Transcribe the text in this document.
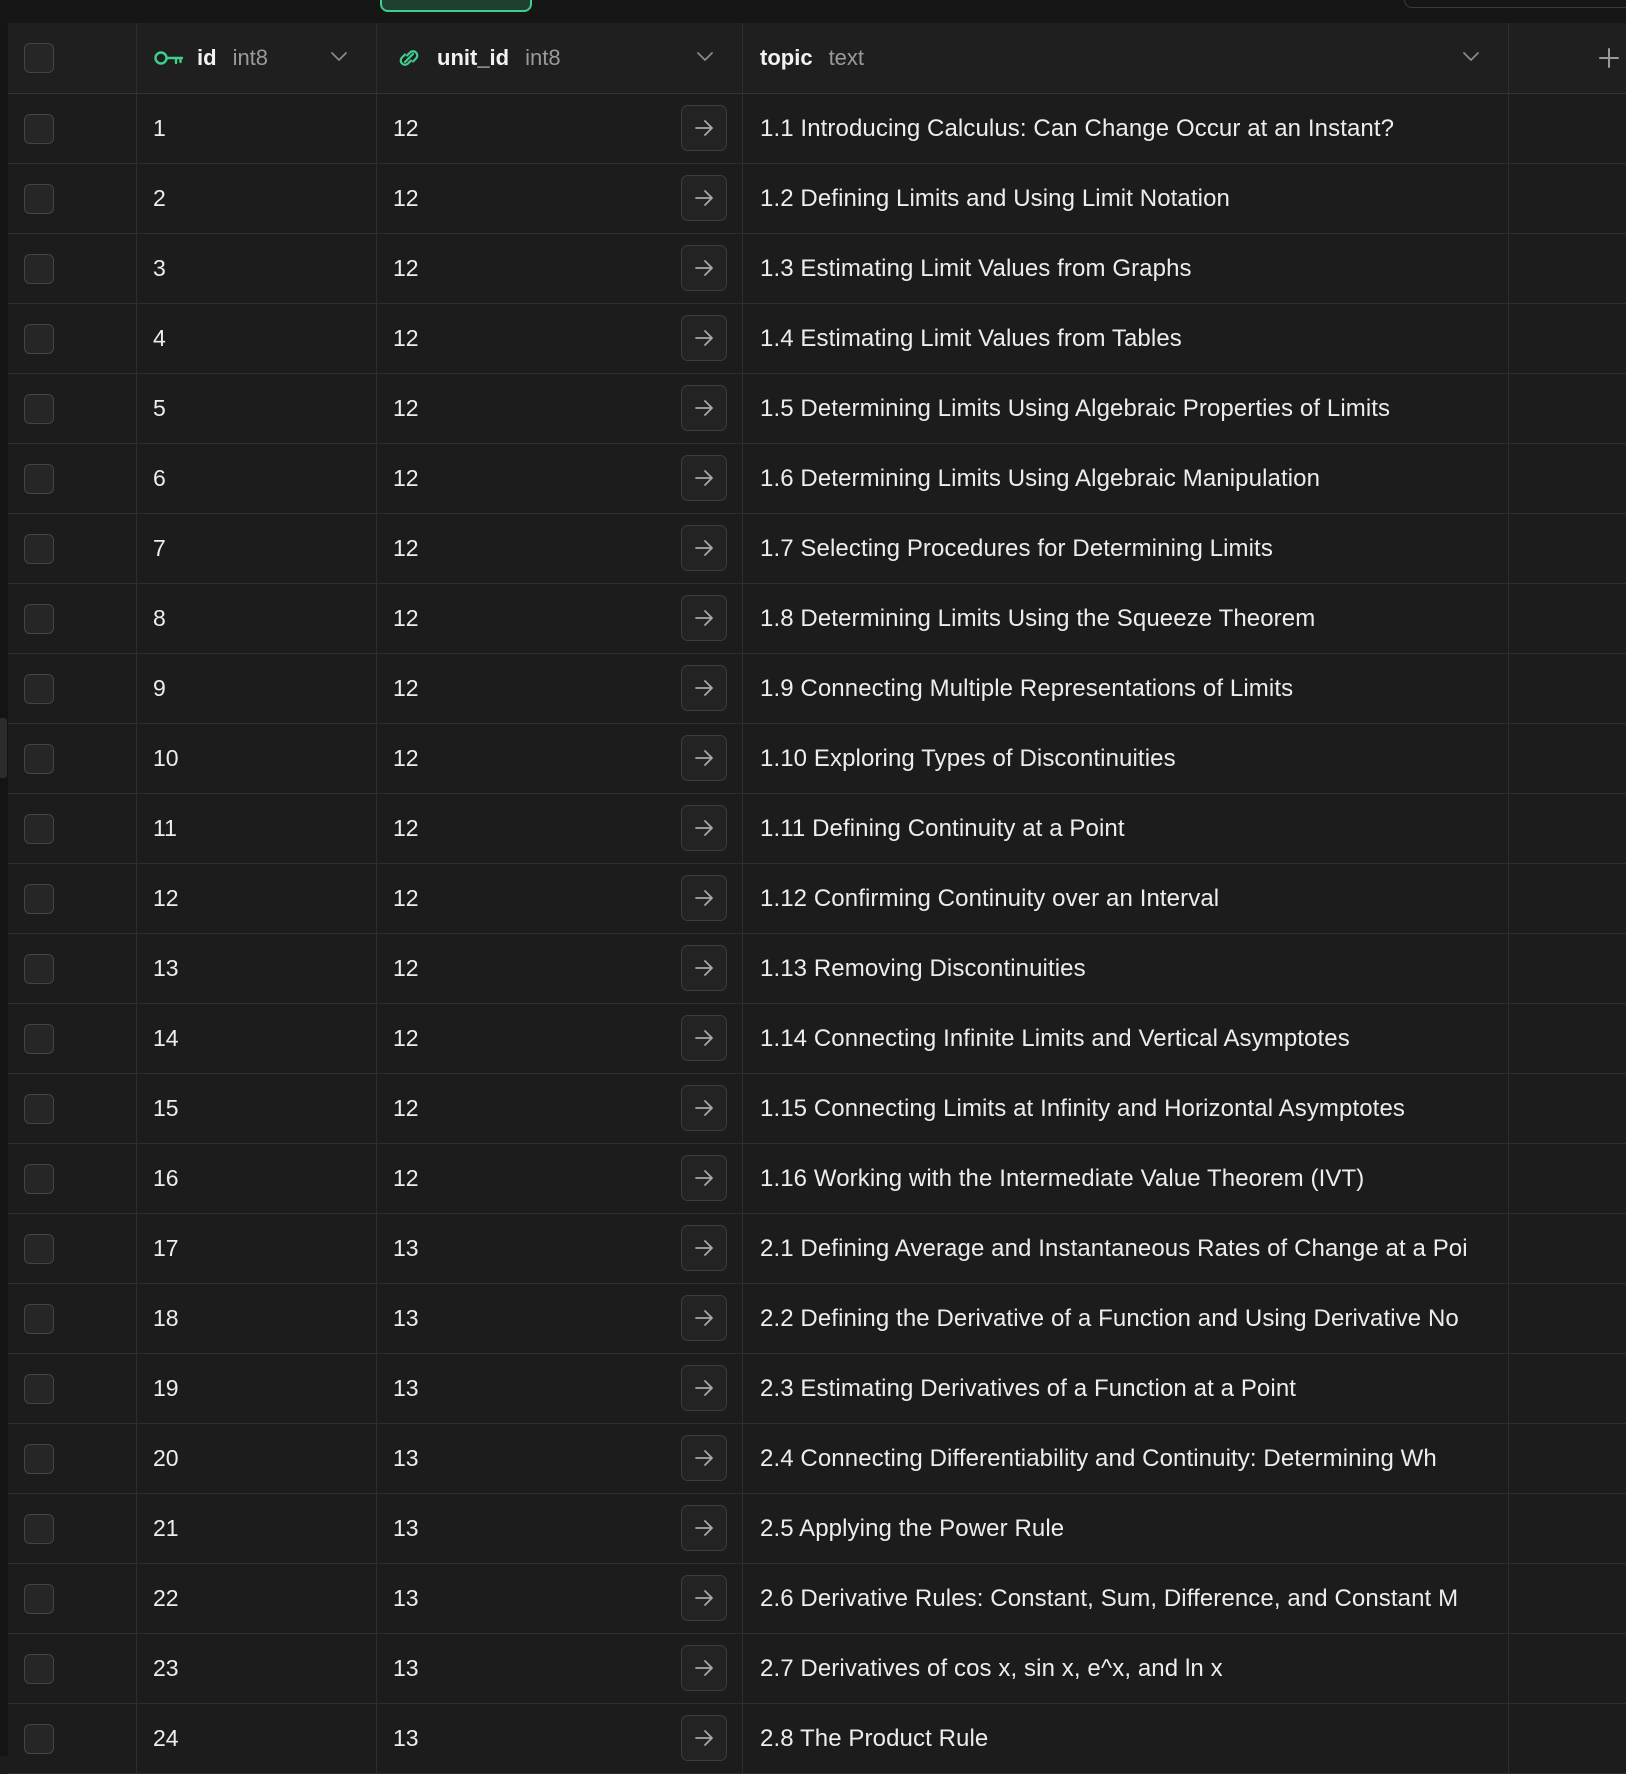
id int8	unit_id int8	topic text
1	12	1.1 Introducing Calculus: Can Change Occur at an Instant?
2	12	1.2 Defining Limits and Using Limit Notation
3	12	1.3 Estimating Limit Values from Graphs
4	12	1.4 Estimating Limit Values from Tables
5	12	1.5 Determining Limits Using Algebraic Properties of Limits
6	12	1.6 Determining Limits Using Algebraic Manipulation
7	12	1.7 Selecting Procedures for Determining Limits
8	12	1.8 Determining Limits Using the Squeeze Theorem
9	12	1.9 Connecting Multiple Representations of Limits
10	12	1.10 Exploring Types of Discontinuities
11	12	1.11 Defining Continuity at a Point
12	12	1.12 Confirming Continuity over an Interval
13	12	1.13 Removing Discontinuities
14	12	1.14 Connecting Infinite Limits and Vertical Asymptotes
15	12	1.15 Connecting Limits at Infinity and Horizontal Asymptotes
16	12	1.16 Working with the Intermediate Value Theorem (IVT)
17	13	2.1 Defining Average and Instantaneous Rates of Change at a Poi
18	13	2.2 Defining the Derivative of a Function and Using Derivative No
19	13	2.3 Estimating Derivatives of a Function at a Point
20	13	2.4 Connecting Differentiability and Continuity: Determining Wh
21	13	2.5 Applying the Power Rule
22	13	2.6 Derivative Rules: Constant, Sum, Difference, and Constant M
23	13	2.7 Derivatives of cos x, sin x, e^x, and ln x
24	13	2.8 The Product Rule
